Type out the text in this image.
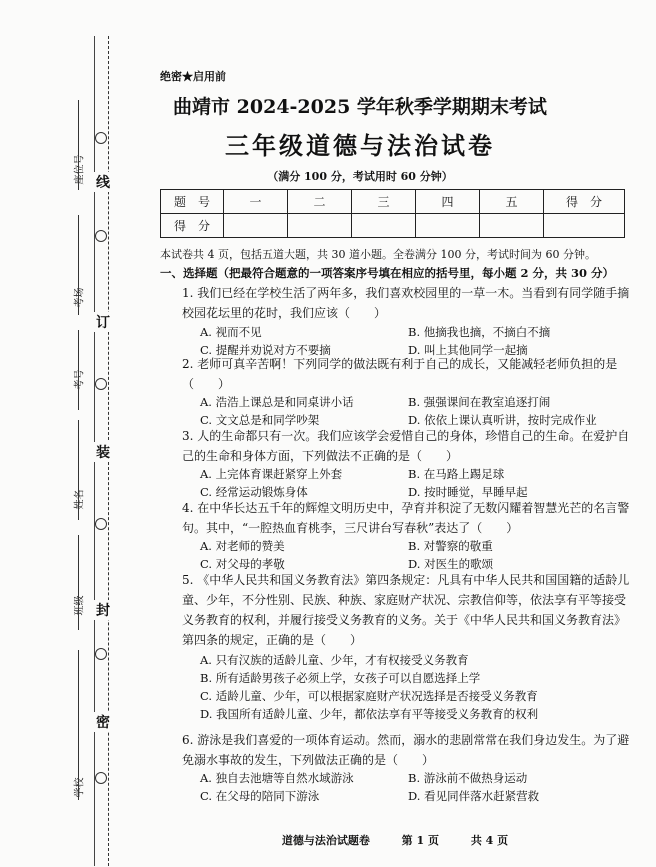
线
订
装
封
密
座位号
考场
考号
姓名
班级
学校
绝密★启用前
曲靖市 2024-2025 学年秋季学期期末考试
三年级道德与法治试卷
（满分 100 分，考试用时 60 分钟）
题　号	一	二	三	四	五	得　分
得　分						
本试卷共 4 页，包括五道大题，共 30 道小题。全卷满分 100 分，考试时间为 60 分钟。
一、选择题（把最符合题意的一项答案序号填在相应的括号里，每小题 2 分，共 30 分）
1. 我们已经在学校生活了两年多，我们喜欢校园里的一草一木。当看到有同学随手摘校园花坛里的花时，我们应该（　　）
A. 视而不见	B. 他摘我也摘，不摘白不摘
C. 提醒并劝说对方不要摘	D. 叫上其他同学一起摘
2. 老师可真辛苦啊！下列同学的做法既有利于自己的成长，又能减轻老师负担的是（　　）
A. 浩浩上课总是和同桌讲小话	B. 强强课间在教室追逐打闹
C. 文文总是和同学吵架	D. 依依上课认真听讲，按时完成作业
3. 人的生命都只有一次。我们应该学会爱惜自己的身体，珍惜自己的生命。在爱护自己的生命和身体方面，下列做法不正确的是（　　）
A. 上完体育课赶紧穿上外套	B. 在马路上踢足球
C. 经常运动锻炼身体	D. 按时睡觉，早睡早起
4. 在中华长达五千年的辉煌文明历史中，孕育并积淀了无数闪耀着智慧光芒的名言警句。其中，“一腔热血育桃李，三尺讲台写春秋”表达了（　　）
A. 对老师的赞美	B. 对警察的敬重
C. 对父母的孝敬	D. 对医生的歌颂
5. 《中华人民共和国义务教育法》第四条规定：凡具有中华人民共和国国籍的适龄儿童、少年，不分性别、民族、种族、家庭财产状况、宗教信仰等，依法享有平等接受义务教育的权利，并履行接受义务教育的义务。关于《中华人民共和国义务教育法》第四条的规定，正确的是（　　）
A. 只有汉族的适龄儿童、少年，才有权接受义务教育
B. 所有适龄男孩子必须上学，女孩子可以自愿选择上学
C. 适龄儿童、少年，可以根据家庭财产状况选择是否接受义务教育
D. 我国所有适龄儿童、少年，都依法享有平等接受义务教育的权利
6. 游泳是我们喜爱的一项体育运动。然而，溺水的悲剧常常在我们身边发生。为了避免溺水事故的发生，下列做法正确的是（　　）
A. 独自去池塘等自然水域游泳	B. 游泳前不做热身运动
C. 在父母的陪同下游泳	D. 看见同伴落水赶紧营救
道德与法治试题卷	第 1 页	共 4 页
